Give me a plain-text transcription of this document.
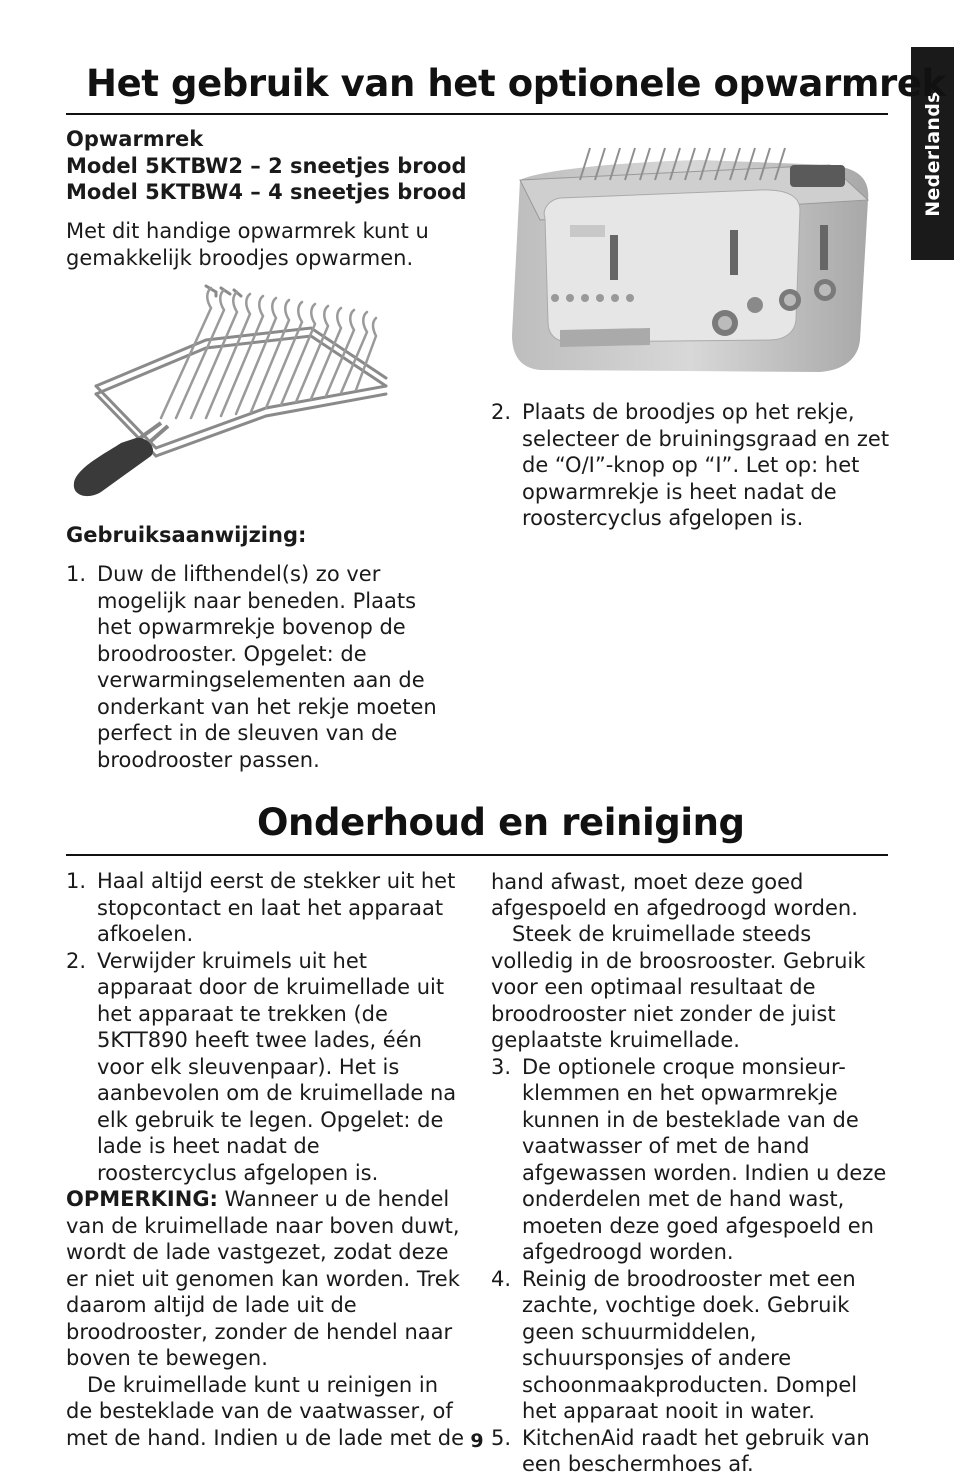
Nederlands
Het gebruik van het optionele opwarmrek
Opwarmrek
Model 5KTBW2 – 2 sneetjes brood
Model 5KTBW4 – 4 sneetjes brood

Met dit handige opwarmrek kunt u gemakkelijk broodjes opwarmen.

Gebruiksaanwijzing:
1. Duw de lifthendel(s) zo ver mogelijk naar beneden. Plaats het opwarmrekje bovenop de broodrooster. Opgelet: de verwarmingselementen aan de onderkant van het rekje moeten perfect in de sleuven van de broodrooster passen.
2. Plaats de broodjes op het rekje, selecteer de bruiningsgraad en zet de “O/I”-knop op “I”. Let op: het opwarmrekje is heet nadat de roostercyclus afgelopen is.
Onderhoud en reiniging
1. Haal altijd eerst de stekker uit het stopcontact en laat het apparaat afkoelen.
2. Verwijder kruimels uit het apparaat door de kruimellade uit het apparaat te trekken (de 5KTT890 heeft twee lades, één voor elk sleuvenpaar). Het is aanbevolen om de kruimellade na elk gebruik te legen. Opgelet: de lade is heet nadat de roostercyclus afgelopen is.

OPMERKING: Wanneer u de hendel van de kruimellade naar boven duwt, wordt de lade vastgezet, zodat deze er niet uit genomen kan worden. Trek daarom altijd de lade uit de broodrooster, zonder de hendel naar boven te bewegen.

De kruimellade kunt u reinigen in de besteklade van de vaatwasser, of met de hand. Indien u de lade met de

hand afwast, moet deze goed afgespoeld en afgedroogd worden.

Steek de kruimellade steeds volledig in de broosrooster. Gebruik voor een optimaal resultaat de broodrooster niet zonder de juist geplaatste kruimellade.

3. De optionele croque monsieur-klemmen en het opwarmrekje kunnen in de besteklade van de vaatwasser of met de hand afgewassen worden. Indien u deze onderdelen met de hand wast, moeten deze goed afgespoeld en afgedroogd worden.
4. Reinig de broodrooster met een zachte, vochtige doek. Gebruik geen schuurmiddelen, schuursponsjes of andere schoonmaakproducten. Dompel het apparaat nooit in water.
5. KitchenAid raadt het gebruik van een beschermhoes af.
9
